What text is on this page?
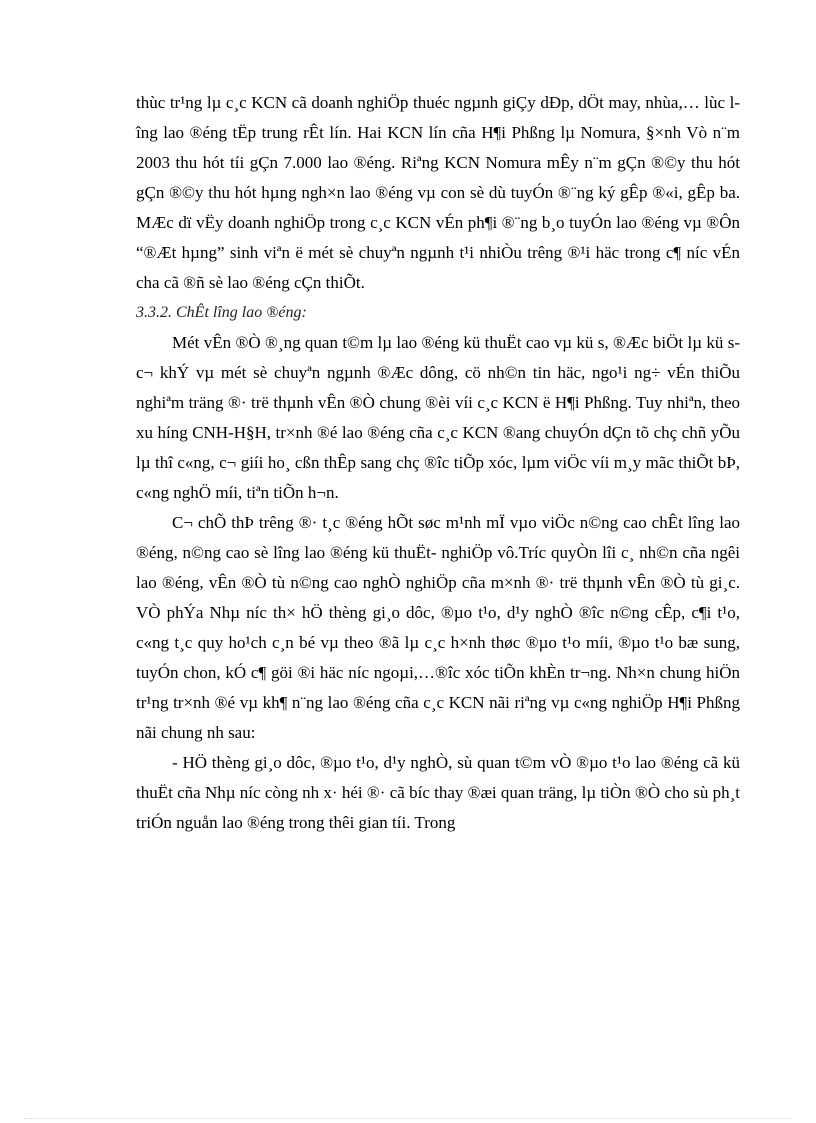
thùc tr¹ng lµ c¸c KCN cã doanh nghiÖp thuéc ngµnh giÇy dÐp, dÖt may, nhùa,… lùc lîng lao ®éng tËp trung rÊt lín. Hai KCN lín cña H¶i Phßng lµ Nomura, §×nh Vò n¨m 2003 thu hót tíi gÇn 7.000 lao ®éng. Riªng KCN Nomura mÊy n¨m gÇn ®©y thu hót gÇn ®©y thu hót hµng ngh×n lao ®éng vµ con sè dù tuyÓn ®¨ng ký gÊp ®«i, gÊp ba. MÆc dï vËy doanh nghiÖp trong c¸c KCN vÉn ph¶i ®¨ng b¸o tuyÓn lao ®éng vµ ®Ôn “®Æt hµng” sinh viªn ë mét sè chuyªn ngµnh t¹i nhiÒu trêng ®¹i häc trong c¶ níc vÉn cha cã ®ñ sè lao ®éng cÇn thiÕt.

3.3.2. ChÊt lîng lao ®éng:

Mét vÊn ®Ò ®¸ng quan t©m lµ lao ®éng kü thuËt cao vµ kü s, ®Æc biÖt lµ kü s c¬ khÝ vµ mét sè chuyªn ngµnh ®Æc dông, cö nh©n tin häc, ngo¹i ng÷ vÉn thiÕu nghiªm träng ®· trë thµnh vÊn ®Ò chung ®èi víi c¸c KCN ë H¶i Phßng. Tuy nhiªn, theo xu híng CNH-H§H, tr×nh ®é lao ®éng cña c¸c KCN ®ang chuyÓn dÇn tõ chç chñ yÕu lµ thî c«ng, c¬ giíi ho¸ cßn thÊp sang chç ®îc tiÕp xóc, lµm viÖc víi m¸y mãc thiÕt bÞ, c«ng nghÖ míi, tiªn tiÕn h¬n.

C¬ chÕ thÞ trêng ®· t¸c ®éng hÕt søc m¹nh mÏ vµo viÖc n©ng cao chÊt lîng lao ®éng, n©ng cao sè lîng lao ®éng kü thuËt- nghiÖp vô.Tríc quyÒn lîi c¸ nh©n cña ngêi lao ®éng, vÊn ®Ò tù n©ng cao nghÒ nghiÖp cña m×nh ®· trë thµnh vÊn ®Ò tù gi¸c. VÒ phÝa Nhµ níc th× hÖ thèng gi¸o dôc, ®µo t¹o, d¹y nghÒ ®îc n©ng cÊp, c¶i t¹o, c«ng t¸c quy ho¹ch c¸n bé vµ theo ®ã lµ c¸c h×nh thøc ®µo t¹o míi, ®µo t¹o bæ sung, tuyÓn chon, kÓ c¶ göi ®i häc níc ngoµi,…®îc xóc tiÕn khÈn tr¬ng. Nh×n chung hiÖn tr¹ng tr×nh ®é vµ kh¶ n¨ng lao ®éng cña c¸c KCN nãi riªng vµ c«ng nghiÖp H¶i Phßng nãi chung nh sau:

- HÖ thèng gi¸o dôc, ®µo t¹o, d¹y nghÒ, sù quan t©m vÒ ®µo t¹o lao ®éng cã kü thuËt cña Nhµ níc còng nh x· héi ®· cã bíc thay ®æi quan träng, lµ tiÒn ®Ò cho sù ph¸t triÓn nguån lao ®éng trong thêi gian tíi. Trong
